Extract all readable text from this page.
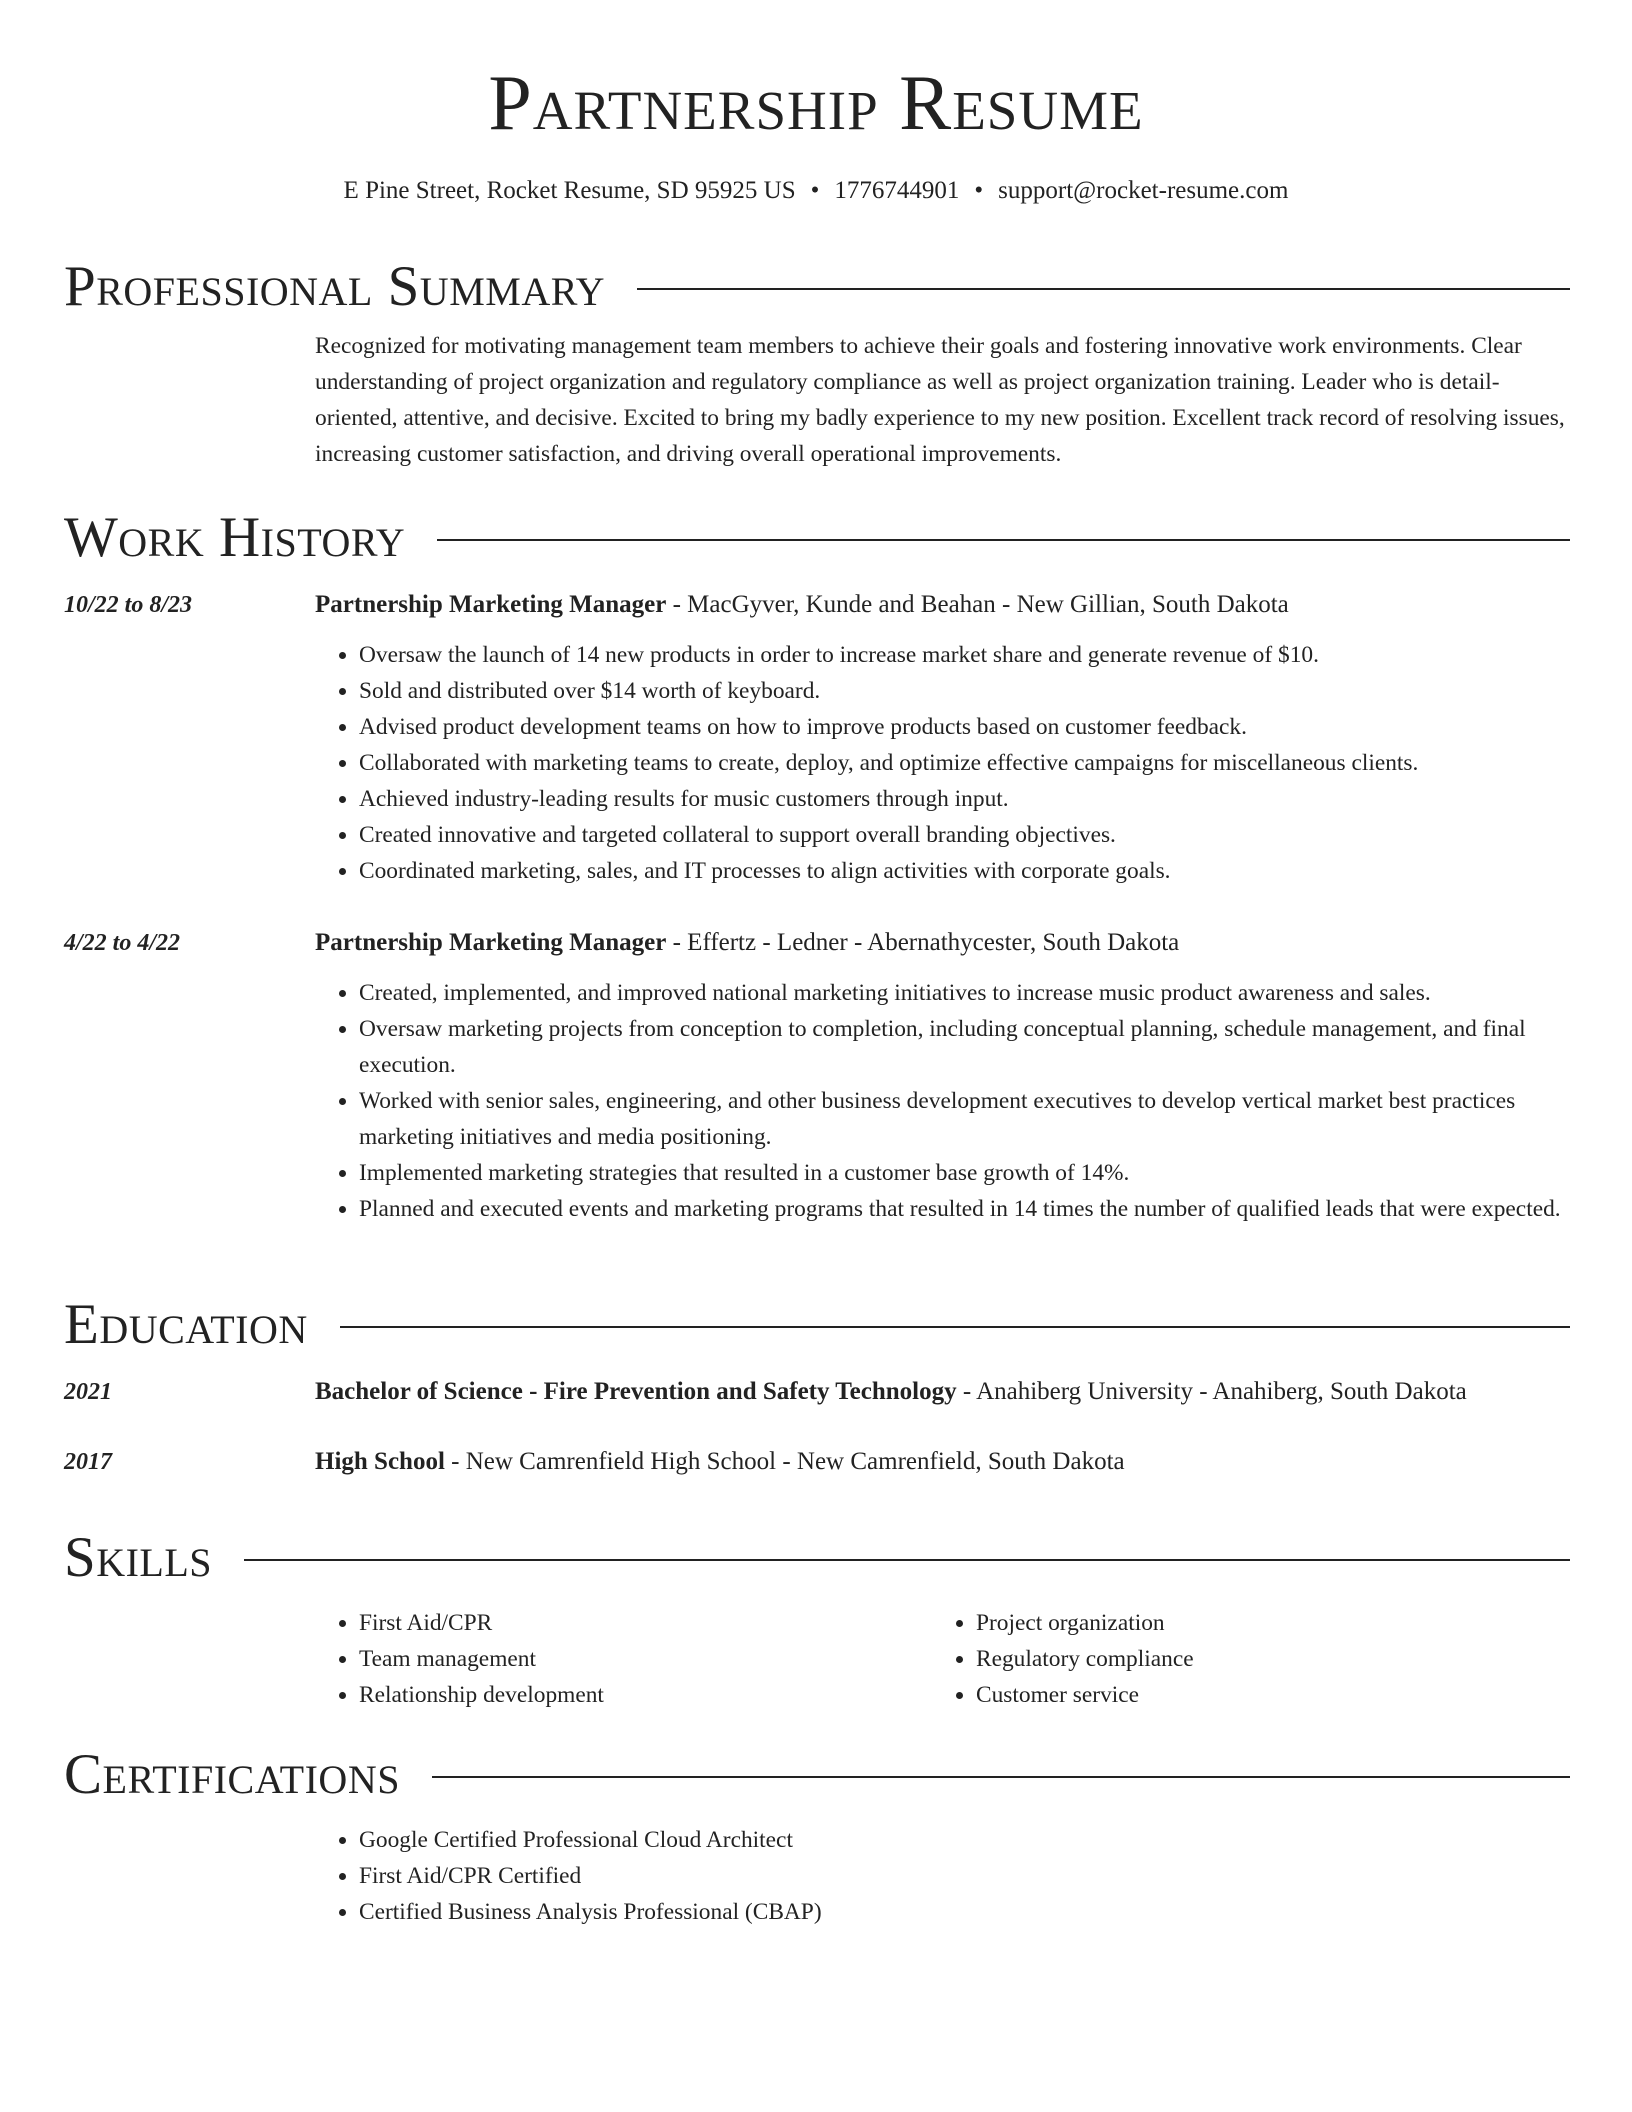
Partnership Resume
E Pine Street, Rocket Resume, SD 95925 US • 1776744901 • support@rocket-resume.com
Professional Summary
Recognized for motivating management team members to achieve their goals and fostering innovative work environments. Clear understanding of project organization and regulatory compliance as well as project organization training. Leader who is detail-oriented, attentive, and decisive. Excited to bring my badly experience to my new position. Excellent track record of resolving issues, increasing customer satisfaction, and driving overall operational improvements.
Work History
10/22 to 8/23	Partnership Marketing Manager - MacGyver, Kunde and Beahan - New Gillian, South Dakota
• Oversaw the launch of 14 new products in order to increase market share and generate revenue of $10.
• Sold and distributed over $14 worth of keyboard.
• Advised product development teams on how to improve products based on customer feedback.
• Collaborated with marketing teams to create, deploy, and optimize effective campaigns for miscellaneous clients.
• Achieved industry-leading results for music customers through input.
• Created innovative and targeted collateral to support overall branding objectives.
• Coordinated marketing, sales, and IT processes to align activities with corporate goals.
4/22 to 4/22	Partnership Marketing Manager - Effertz - Ledner - Abernathycester, South Dakota
• Created, implemented, and improved national marketing initiatives to increase music product awareness and sales.
• Oversaw marketing projects from conception to completion, including conceptual planning, schedule management, and final execution.
• Worked with senior sales, engineering, and other business development executives to develop vertical market best practices marketing initiatives and media positioning.
• Implemented marketing strategies that resulted in a customer base growth of 14%.
• Planned and executed events and marketing programs that resulted in 14 times the number of qualified leads that were expected.
Education
2021	Bachelor of Science - Fire Prevention and Safety Technology - Anahiberg University - Anahiberg, South Dakota
2017	High School - New Camrenfield High School - New Camrenfield, South Dakota
Skills
• First Aid/CPR
• Team management
• Relationship development
• Project organization
• Regulatory compliance
• Customer service
Certifications
• Google Certified Professional Cloud Architect
• First Aid/CPR Certified
• Certified Business Analysis Professional (CBAP)
